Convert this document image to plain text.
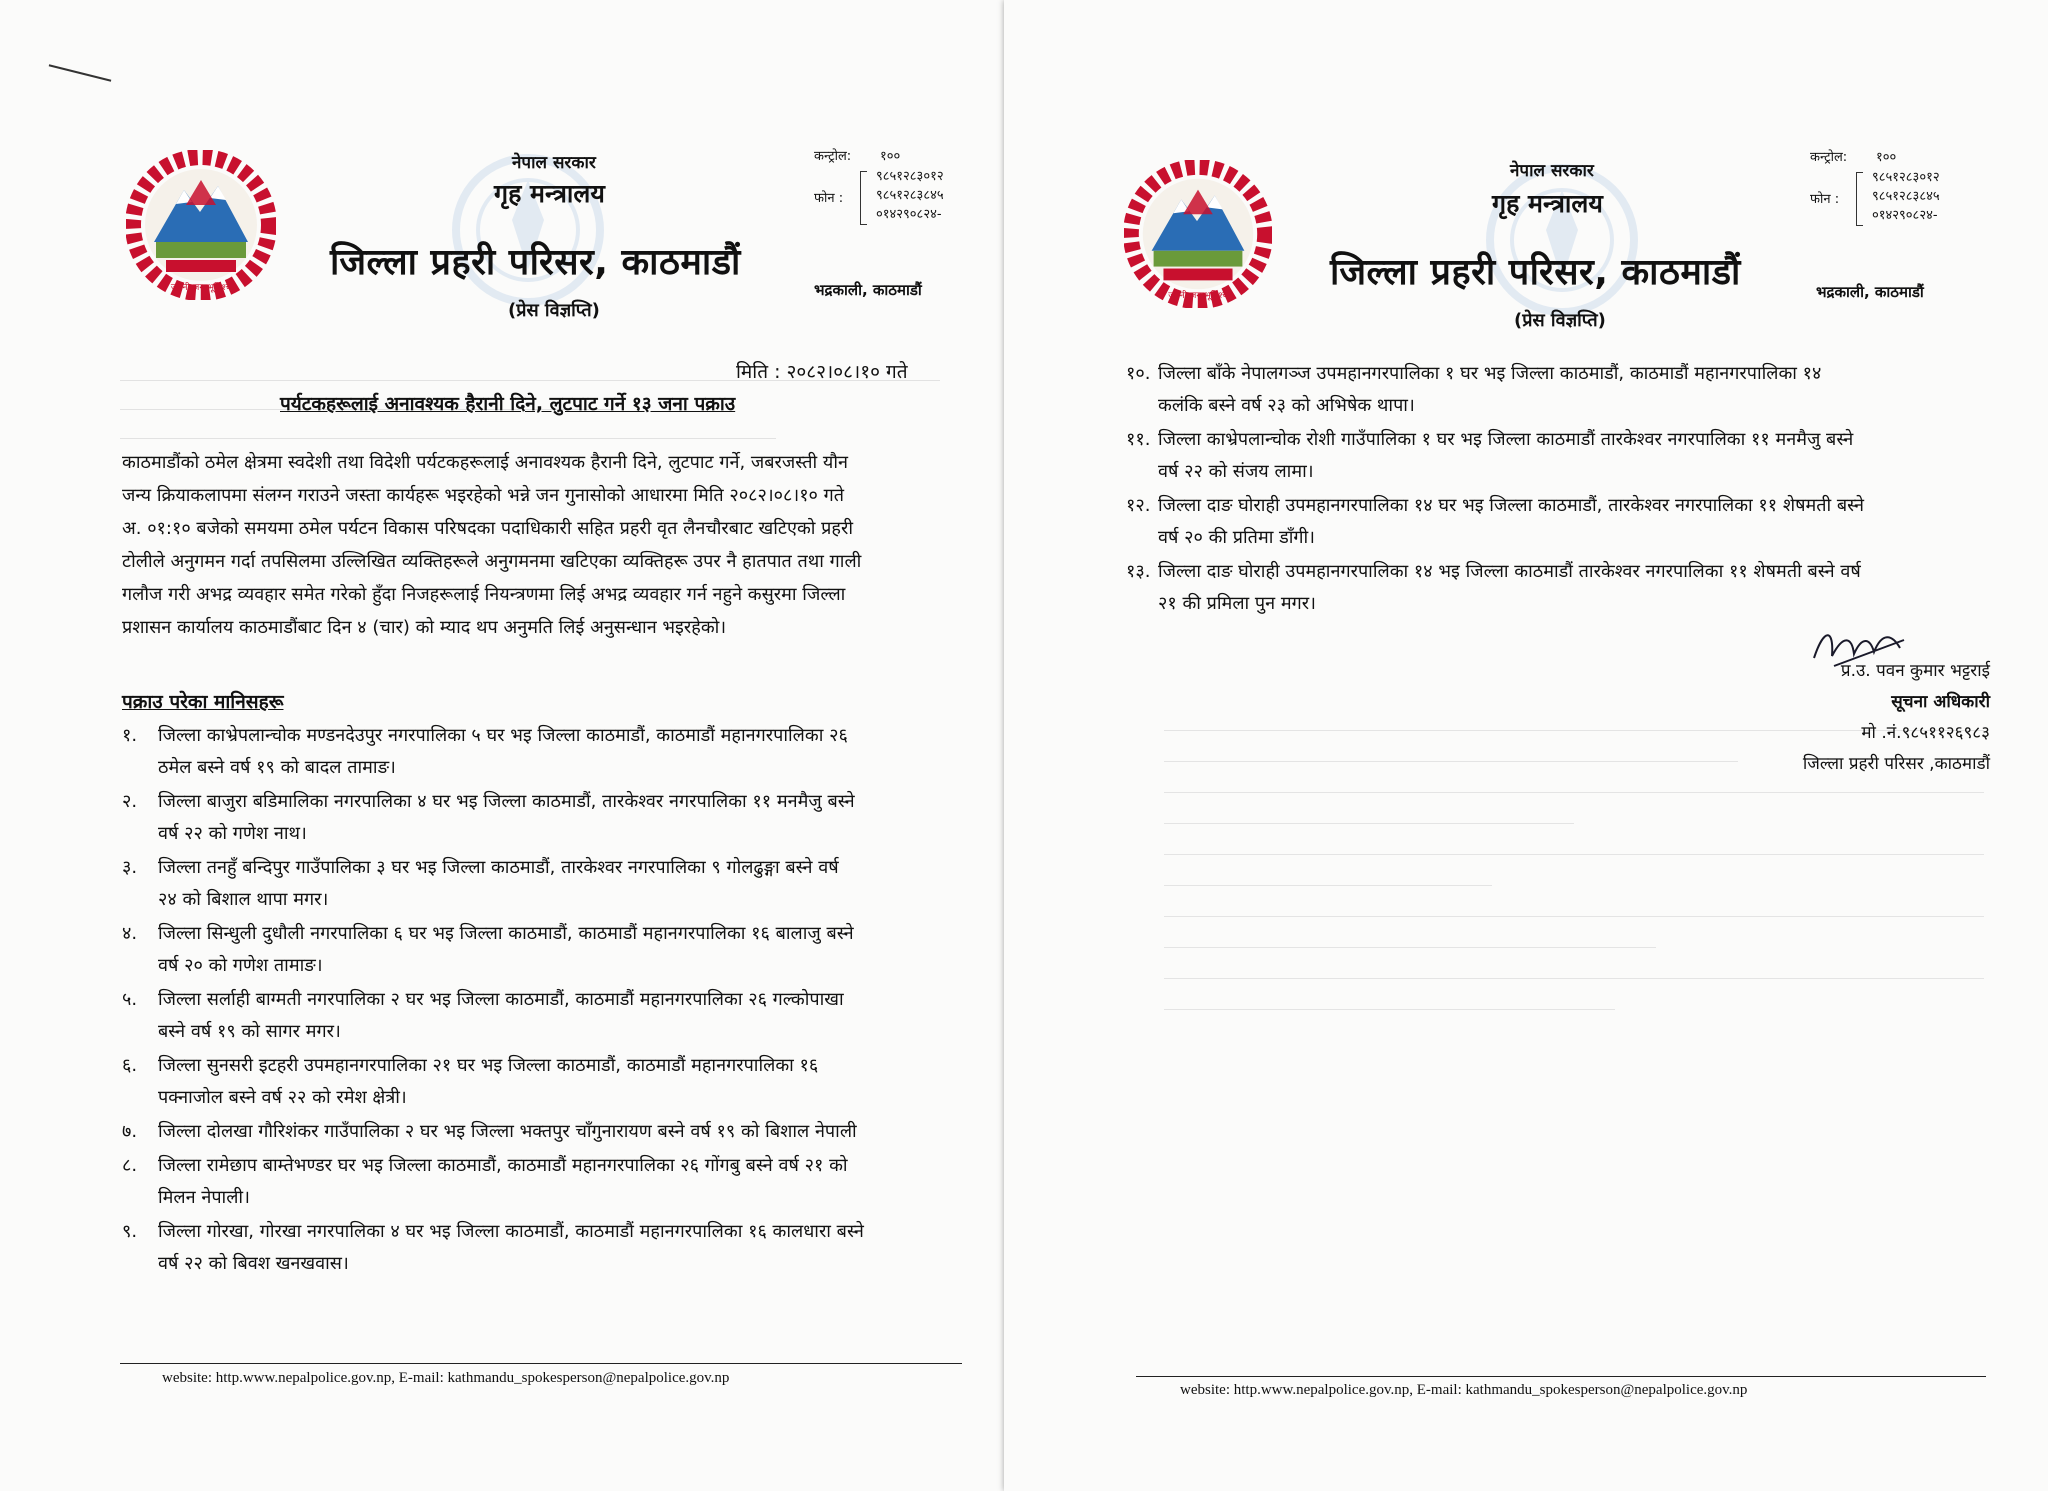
जननी जन्मभूमिश्च
नेपाल सरकार
गृह मन्त्रालय
जिल्ला प्रहरी परिसर, काठमाडौं
(प्रेस विज्ञप्ति)
कन्ट्रोल: १००
फोन :
९८५१२८३०१२
९८५१२८३८४५
०१४२९०८२४-
भद्रकाली, काठमाडौं
मिति : २०८२।०८।१० गते
पर्यटकहरूलाई अनावश्यक हैरानी दिने, लुटपाट गर्ने १३ जना पक्राउ
काठमाडौंको ठमेल क्षेत्रमा स्वदेशी तथा विदेशी पर्यटकहरूलाई अनावश्यक हैरानी दिने, लुटपाट गर्ने, जबरजस्ती यौन
जन्य क्रियाकलापमा संलग्न गराउने जस्ता कार्यहरू भइरहेको भन्ने जन गुनासोको आधारमा मिति २०८२।०८।१० गते
अ. ०१:१० बजेको समयमा ठमेल पर्यटन विकास परिषदका पदाधिकारी सहित प्रहरी वृत लैनचौरबाट खटिएको प्रहरी
टोलीले अनुगमन गर्दा तपसिलमा उल्लिखित व्यक्तिहरूले अनुगमनमा खटिएका व्यक्तिहरू उपर नै हातपात तथा गाली
गलौज गरी अभद्र व्यवहार समेत गरेको हुँदा निजहरूलाई नियन्त्रणमा लिई अभद्र व्यवहार गर्न नहुने कसुरमा जिल्ला
प्रशासन कार्यालय काठमाडौंबाट दिन ४ (चार) को म्याद थप अनुमति लिई अनुसन्धान भइरहेको।
पक्राउ परेका मानिसहरू
१. जिल्ला काभ्रेपलान्चोक मण्डनदेउपुर नगरपालिका ५ घर भइ जिल्ला काठमाडौं, काठमाडौं महानगरपालिका २६
ठमेल बस्ने वर्ष १९ को बादल तामाङ।
२. जिल्ला बाजुरा बडिमालिका नगरपालिका ४ घर भइ जिल्ला काठमाडौं, तारकेश्वर नगरपालिका ११ मनमैजु बस्ने
वर्ष २२ को गणेश नाथ।
३. जिल्ला तनहुँ बन्दिपुर गाउँपालिका ३ घर भइ जिल्ला काठमाडौं, तारकेश्वर नगरपालिका ९ गोलढुङ्गा बस्ने वर्ष
२४ को बिशाल थापा मगर।
४. जिल्ला सिन्धुली दुधौली नगरपालिका ६ घर भइ जिल्ला काठमाडौं, काठमाडौं महानगरपालिका १६ बालाजु बस्ने
वर्ष २० को गणेश तामाङ।
५. जिल्ला सर्लाही बाग्मती नगरपालिका २ घर भइ जिल्ला काठमाडौं, काठमाडौं महानगरपालिका २६ गल्कोपाखा
बस्ने वर्ष १९ को सागर मगर।
६. जिल्ला सुनसरी इटहरी उपमहानगरपालिका २१ घर भइ जिल्ला काठमाडौं, काठमाडौं महानगरपालिका १६
पक्नाजोल बस्ने वर्ष २२ को रमेश क्षेत्री।
७. जिल्ला दोलखा गौरिशंकर गाउँपालिका २ घर भइ जिल्ला भक्तपुर चाँगुनारायण बस्ने वर्ष १९ को बिशाल नेपाली
८. जिल्ला रामेछाप बाम्तेभण्डर घर भइ जिल्ला काठमाडौं, काठमाडौं महानगरपालिका २६ गोंगबु बस्ने वर्ष २१ को
मिलन नेपाली।
९. जिल्ला गोरखा, गोरखा नगरपालिका ४ घर भइ जिल्ला काठमाडौं, काठमाडौं महानगरपालिका १६ कालधारा बस्ने
वर्ष २२ को बिवश खनखवास।
website: http.www.nepalpolice.gov.np, E-mail: kathmandu_spokesperson@nepalpolice.gov.np
जननी जन्मभूमिश्च
नेपाल सरकार
गृह मन्त्रालय
जिल्ला प्रहरी परिसर, काठमाडौं
(प्रेस विज्ञप्ति)
कन्ट्रोल: १००
फोन :
९८५१२८३०१२
९८५१२८३८४५
०१४२९०८२४-
भद्रकाली, काठमाडौं
१०. जिल्ला बाँके नेपालगञ्ज उपमहानगरपालिका १ घर भइ जिल्ला काठमाडौं, काठमाडौं महानगरपालिका १४
कलंकि बस्ने वर्ष २३ को अभिषेक थापा।
११. जिल्ला काभ्रेपलान्चोक रोशी गाउँपालिका १ घर भइ जिल्ला काठमाडौं तारकेश्वर नगरपालिका ११ मनमैजु बस्ने
वर्ष २२ को संजय लामा।
१२. जिल्ला दाङ घोराही उपमहानगरपालिका १४ घर भइ जिल्ला काठमाडौं, तारकेश्वर नगरपालिका ११ शेषमती बस्ने
वर्ष २० की प्रतिमा डाँगी।
१३. जिल्ला दाङ घोराही उपमहानगरपालिका १४ भइ जिल्ला काठमाडौं तारकेश्वर नगरपालिका ११ शेषमती बस्ने वर्ष
२१ की प्रमिला पुन मगर।
प्र.उ. पवन कुमार भट्टराई
सूचना अधिकारी
मो .नं.९८५११२६९८३
जिल्ला प्रहरी परिसर ,काठमाडौं
website: http.www.nepalpolice.gov.np, E-mail: kathmandu_spokesperson@nepalpolice.gov.np
